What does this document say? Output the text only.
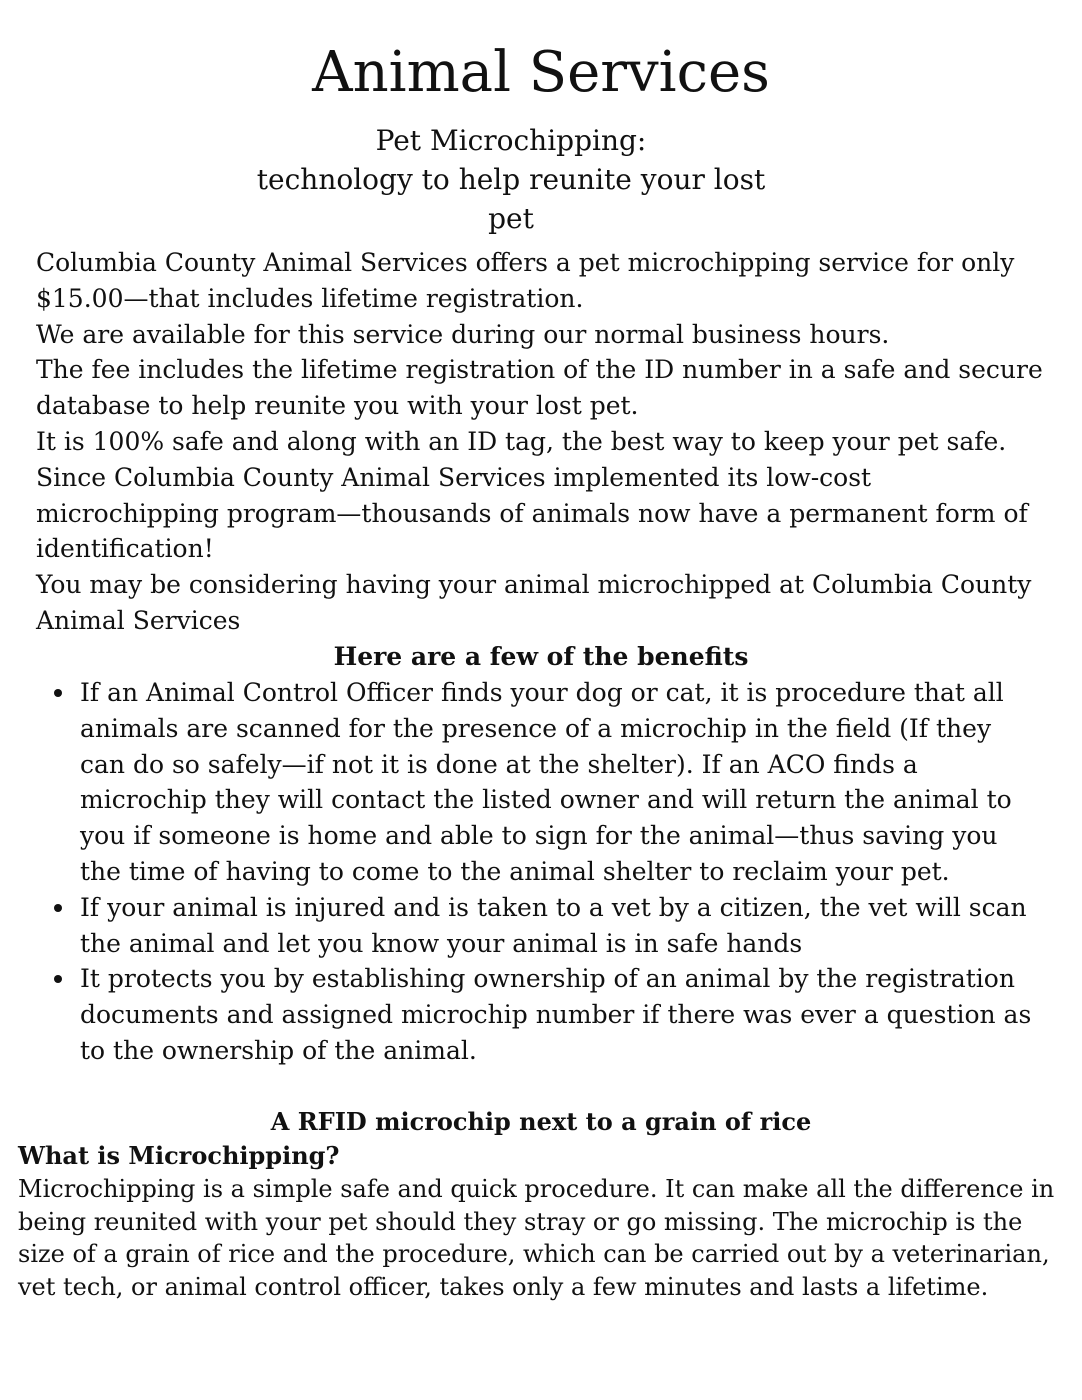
Animal Services
Pet Microchipping:
technology to help reunite your lost
pet

Columbia County Animal Services offers a pet microchipping service for only $15.00—that includes lifetime registration.

We are available for this service during our normal business hours.

The fee includes the lifetime registration of the ID number in a safe and secure database to help reunite you with your lost pet.

It is 100% safe and along with an ID tag, the best way to keep your pet safe.

Since Columbia County Animal Services implemented its low-cost microchipping program—thousands of animals now have a permanent form of identification!

You may be considering having your animal microchipped at Columbia County Animal Services

Here are a few of the benefits
If an Animal Control Officer finds your dog or cat, it is procedure that all animals are scanned for the presence of a microchip in the field (If they can do so safely—if not it is done at the shelter). If an ACO finds a microchip they will contact the listed owner and will return the animal to you if someone is home and able to sign for the animal—thus saving you the time of having to come to the animal shelter to reclaim your pet.
If your animal is injured and is taken to a vet by a citizen, the vet will scan the animal and let you know your animal is in safe hands
It protects you by establishing ownership of an animal by the registration documents and assigned microchip number if there was ever a question as to the ownership of the animal.
A RFID microchip next to a grain of rice
What is Microchipping?

Microchipping is a simple safe and quick procedure. It can make all the difference in being reunited with your pet should they stray or go missing. The microchip is the size of a grain of rice and the procedure, which can be carried out by a veterinarian, vet tech, or animal control officer, takes only a few minutes and lasts a lifetime.
